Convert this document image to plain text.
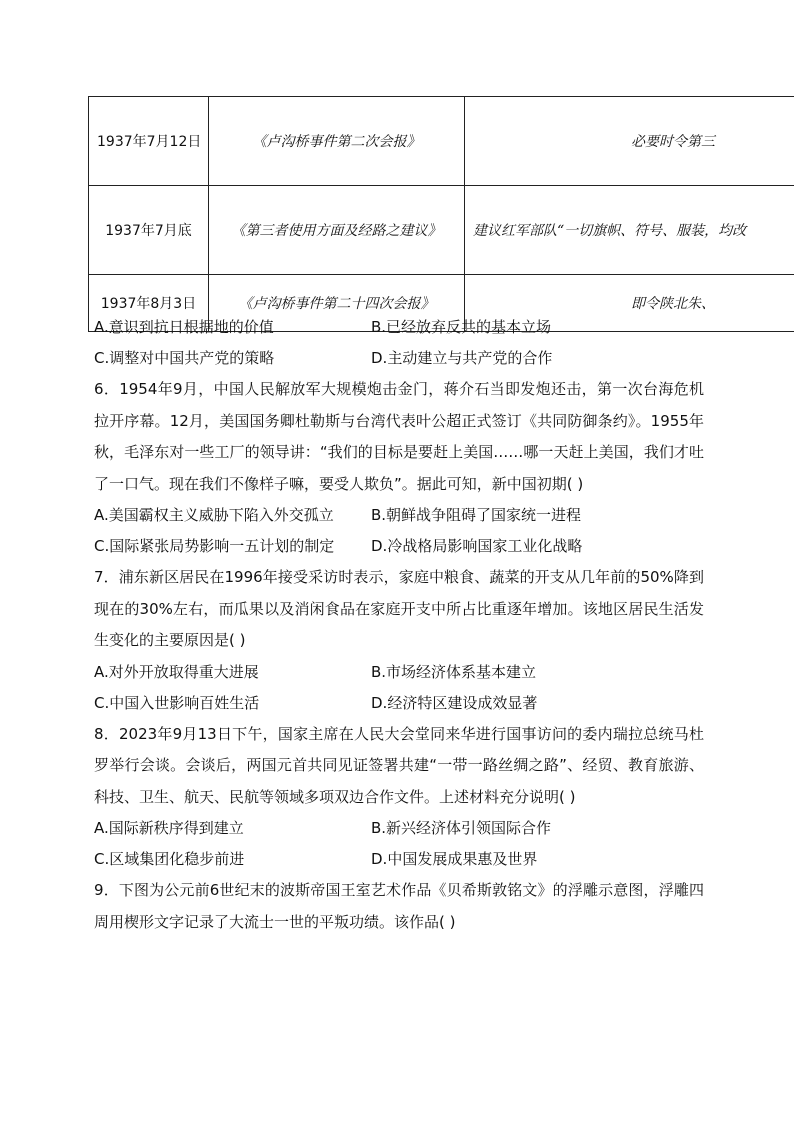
1937年7月12日	《卢沟桥事件第二次会报》	必要时令第三
1937年7月底	《第三者使用方面及经路之建议》	建议红军部队“一切旗帜、符号、服装，均改
1937年8月3日	《卢沟桥事件第二十四次会报》	即令陕北朱、
A.意识到抗日根据地的价值	B.已经放弃反共的基本立场
C.调整对中国共产党的策略	D.主动建立与共产党的合作
6．1954年9月，中国人民解放军大规模炮击金门，蒋介石当即发炮还击，第一次台海危机拉开序幕。12月，美国国务卿杜勒斯与台湾代表叶公超正式签订《共同防御条约》。1955年秋，毛泽东对一些工厂的领导讲：“我们的目标是要赶上美国……哪一天赶上美国，我们才吐了一口气。现在我们不像样子嘛，要受人欺负”。据此可知，新中国初期( )
A.美国霸权主义威胁下陷入外交孤立	B.朝鲜战争阻碍了国家统一进程
C.国际紧张局势影响一五计划的制定	D.冷战格局影响国家工业化战略
7．浦东新区居民在1996年接受采访时表示，家庭中粮食、蔬菜的开支从几年前的50%降到现在的30%左右，而瓜果以及消闲食品在家庭开支中所占比重逐年增加。该地区居民生活发生变化的主要原因是( )
A.对外开放取得重大进展	B.市场经济体系基本建立
C.中国入世影响百姓生活	D.经济特区建设成效显著
8．2023年9月13日下午，国家主席在人民大会堂同来华进行国事访问的委内瑞拉总统马杜罗举行会谈。会谈后，两国元首共同见证签署共建“一带一路丝绸之路”、经贸、教育旅游、科技、卫生、航天、民航等领域多项双边合作文件。上述材料充分说明( )
A.国际新秩序得到建立	B.新兴经济体引领国际合作
C.区域集团化稳步前进	D.中国发展成果惠及世界
9．下图为公元前6世纪末的波斯帝国王室艺术作品《贝希斯敦铭文》的浮雕示意图，浮雕四周用楔形文字记录了大流士一世的平叛功绩。该作品( )
